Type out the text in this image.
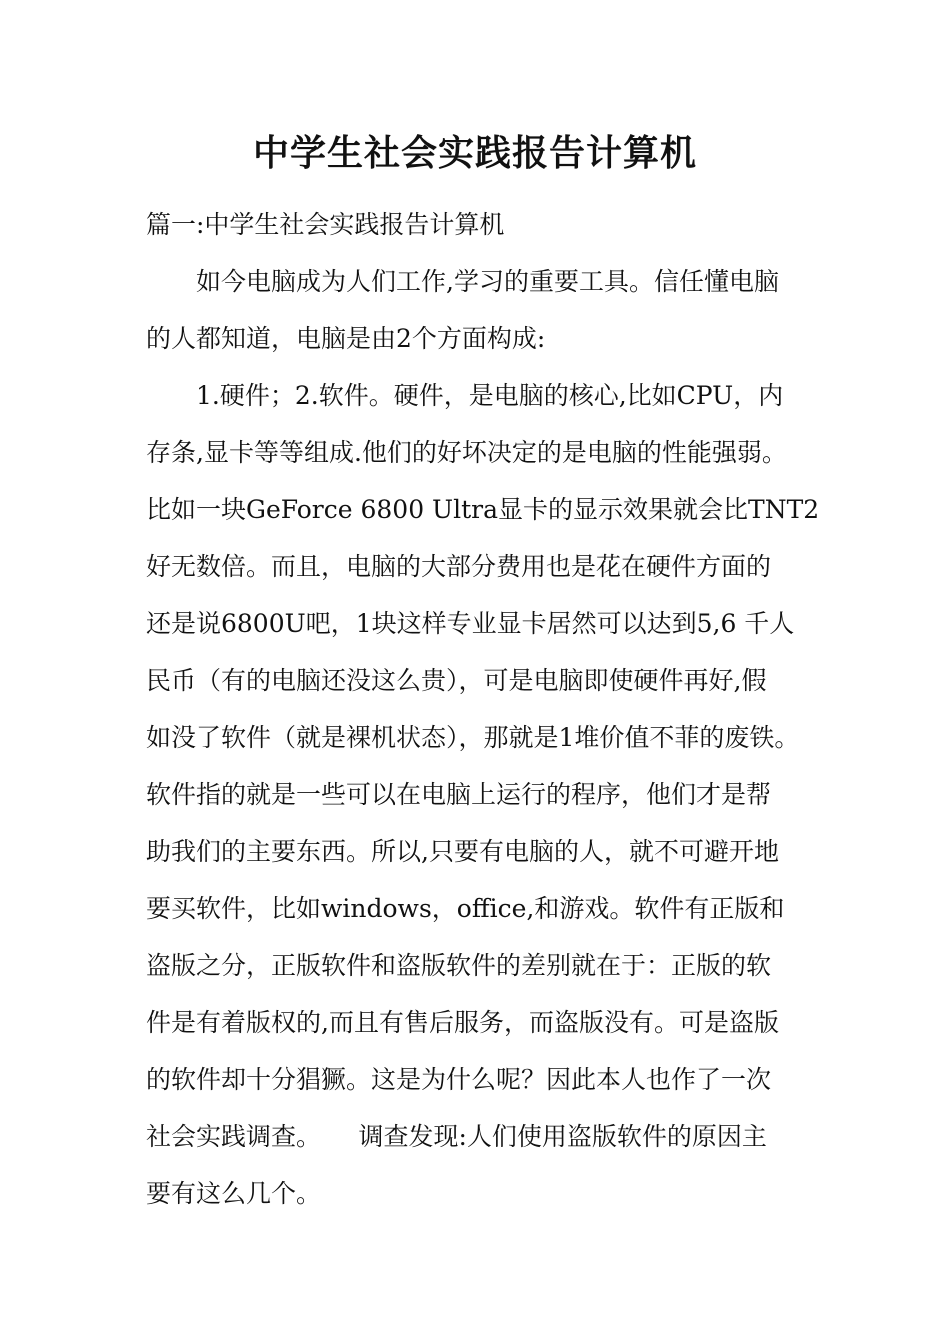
中学生社会实践报告计算机
篇一:中学生社会实践报告计算机
如今电脑成为人们工作,学习的重要工具。信任懂电脑
的人都知道，电脑是由2个方面构成:
1.硬件；2.软件。硬件，是电脑的核心,比如CPU，内
存条,显卡等等组成.他们的好坏决定的是电脑的性能强弱。
比如一块GeForce 6800 Ultra显卡的显示效果就会比TNT2
好无数倍。而且，电脑的大部分费用也是花在硬件方面的
还是说6800U吧，1块这样专业显卡居然可以达到5,6 千人
民币（有的电脑还没这么贵），可是电脑即使硬件再好,假
如没了软件（就是裸机状态），那就是1堆价值不菲的废铁。
软件指的就是一些可以在电脑上运行的程序，他们才是帮
助我们的主要东西。所以,只要有电脑的人，就不可避开地
要买软件，比如windows，office,和游戏。软件有正版和
盗版之分，正版软件和盗版软件的差别就在于：正版的软
件是有着版权的,而且有售后服务，而盗版没有。可是盗版
的软件却十分猖獗。这是为什么呢？因此本人也作了一次
社会实践调查。　　调查发现:人们使用盗版软件的原因主
要有这么几个。
